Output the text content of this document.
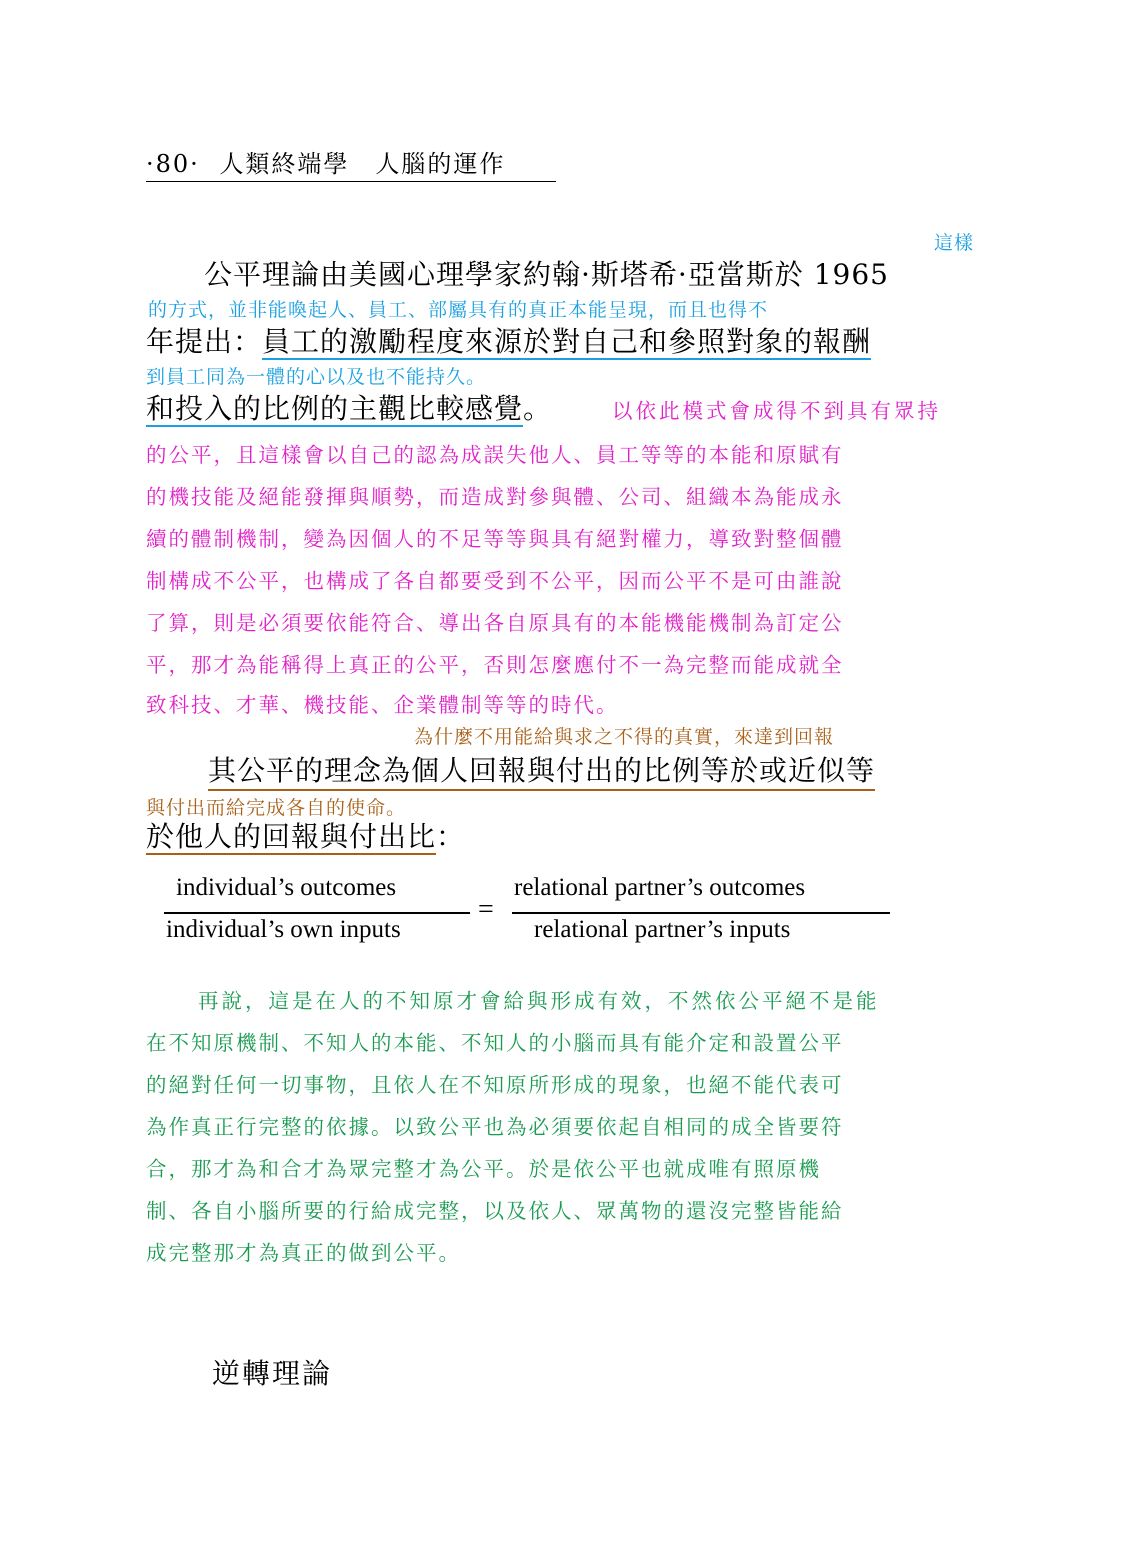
·80· 人類終端學　人腦的運作
這樣
公平理論由美國心理學家約翰·斯塔希·亞當斯於 1965
的方式，並非能喚起人、員工、部屬具有的真正本能呈現，而且也得不
年提出：員工的激勵程度來源於對自己和參照對象的報酬
到員工同為一體的心以及也不能持久。
和投入的比例的主觀比較感覺。	以依此模式會成得不到具有眾持
的公平，且這樣會以自己的認為成誤失他人、員工等等的本能和原賦有
的機技能及絕能發揮與順勢，而造成對參與體、公司、組織本為能成永
續的體制機制，變為因個人的不足等等與具有絕對權力，導致對整個體
制構成不公平，也構成了各自都要受到不公平，因而公平不是可由誰說
了算，則是必須要依能符合、導出各自原具有的本能機能機制為訂定公
平，那才為能稱得上真正的公平，否則怎麼應付不一為完整而能成就全
致科技、才華、機技能、企業體制等等的時代。
為什麼不用能給與求之不得的真實，來達到回報
其公平的理念為個人回報與付出的比例等於或近似等
與付出而給完成各自的使命。
於他人的回報與付出比：
individual’s outcomes
individual’s own inputs
=
relational partner’s outcomes
relational partner’s inputs
再說，這是在人的不知原才會給與形成有效，不然依公平絕不是能
在不知原機制、不知人的本能、不知人的小腦而具有能介定和設置公平
的絕對任何一切事物，且依人在不知原所形成的現象，也絕不能代表可
為作真正行完整的依據。以致公平也為必須要依起自相同的成全皆要符
合，那才為和合才為眾完整才為公平。於是依公平也就成唯有照原機
制、各自小腦所要的行給成完整，以及依人、眾萬物的還沒完整皆能給
成完整那才為真正的做到公平。
逆轉理論
